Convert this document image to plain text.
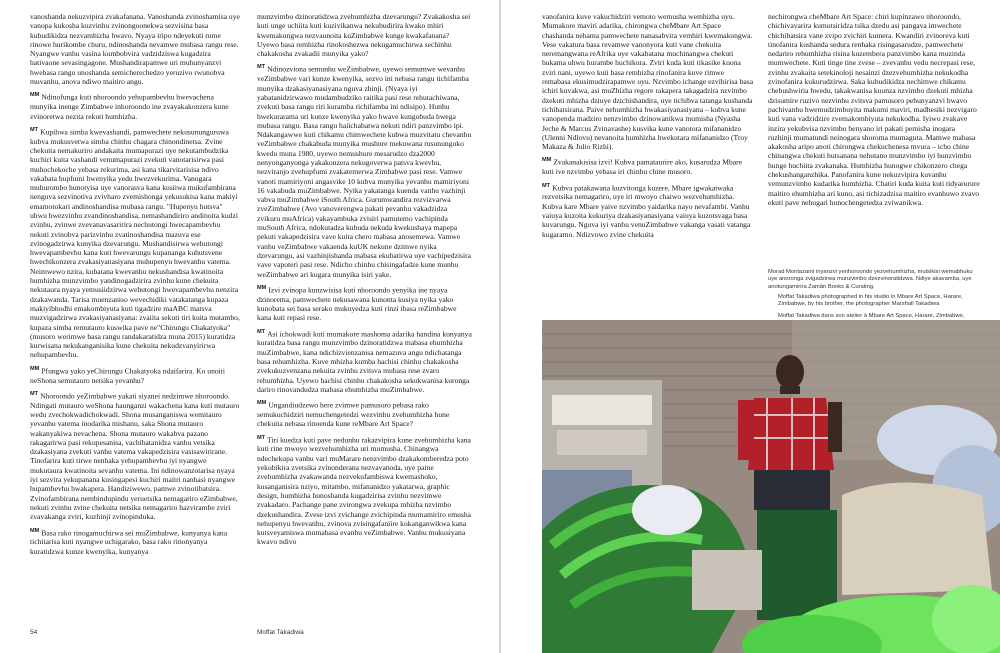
vanoshanda nekuzvipira zvakafanana. Vanoshanda zvinoshamisa uye vanopa kukosha kuzvinhu zvinongoonekwa sezvisina basa kubudikidza nezvamhizha hwavo. Nyaya iripo ndeyekuti rume rinowe hurikombe churu, ndinoshanda nevamwe mubasa rangu rese. Nyangwe vanhu vasina kumbobvira vadzidziswa kugadzira hativaone sevasingagone. Mushandirapamwe uri muhunyanzvi hwebasa rangu unoshanda semicherechedzo yeruzivo rwunobva muvanhu, anova ndiwo maitiro angu.

$^{MM}$ Ndinofunga kuti nhoroondo yehupambevhu hwevachena munyika inenge Zimbabwe inhoroondo ine zvayakakonzera kune zvinoretwa nezita rekuti humhizha.

$^{MT}$ Kupihwa simba kwevashandi, pamwechete nekusununguruwa kubva mukusvetwa simba chinhu chagara chinondinetsa. Zvine chekuita nemakuriro andakaita mumapurazi uye nekutambudzika kuchiri kuita vashandi venumapurazi zvekuti vanotarisirwa pasi muhochekoche yebasa rekurima, asi kana tikarvitarisisa ndivo vakabata hupfumi hwenyika yedu hwezvekurima. Vanogara muhurombo hunotyisa uye vanorasva kana kusiiwa mukufambirana nenguva sezvinotiva zvivharo zvemishonga yekusukisa kana makiyi emamotokari andinoshandisa mubasa rangu. "Hupenyu hutsva" uhwu hwezvinhu zvandinoshandisa, nemashandiriro andinoita kudzi zvinhu, zvinwe zvevanavasaririra nechutongi hwecapambevhu nekuti zvinobva parizvinhu zvatinoshandisa mazuva ese zvinogadzirwa kunyika dzevarungu. Mushandisirwa wehutongi hwevapambevhu kana kuti hwevarungu kupananga kuhutsvene hwechikonzera zvakasiyanasiyana muhupenyu hwevanhu vatema. Neimwewo nzira, kubatana kwevanhu nekushandisa kwatinoita humhizha munzvimbo yandinogadzirira zvinhu kune chekuita nekutaura nyaya yemusiidzirwa wehutongi hwevapambevhu nenzira dzakawanda. Tarisa muenzaniso wevechidiki vatakatanga kupaza makiyibhodhi emakombiyuta kuti tigadzire maABC matsva muzvigadzirwa zvakasiyanasiyana: zvaiita sekuti tiri kuita mutambo, kupaza simba remutauro kuswika pave ne"Chirungu Chakatyoka" (musoro werimwe basa rangu randakaratidza muna 2015) kuratidza kurwisana nekukanganisika kune chekuita nekudzvanyirirwa nehupambevhu.

$^{MM}$ Pfungwa yako yeChirungu Chakatyoka ndaifarira. Ko unoiti neShona semutauro netsika yevanhu?

$^{MT}$ Nhoroondo yeZimbabwe yakati siyanei nedzimwe nhoroondo. Ndingati mutauro weShona haunganzi wakachena kana kuti mutauro wedu zvechokwadichokwadi. Shona musanganiswa wemitauro yevanhu vatema inodarika mishanu, saka Shona mutauro wakanyakiwa nevachena. Shona mutauro wakabva pazano rakagarirwa pasi rekupesanisa, vachibatanidza vanhu vetsika dzakasiyana zvekuti vanhu vatema vakapedzisira vasisawirirane. Tinofarira kuti tirwe nenhaka yehupambevhu iyi nyangwe mukutaura kwatinoita sevanhu vatema. Ini ndinowanzotarisa nyaya iyi sezvira yekupanana kusingapesi kuchiri maitri nanhasi nyangwe hupambevhu hwakapera. Handiziwewo, pamwe zvinotibatsira. Zvinofambirana nembindupindu yeruetsika nemagariro eZimbabwe, nekuti zvinhu zvine chekuita netsika nemagariro hazvirambe zviri zvavakanga zviri, kuzhinji zvinopinduka.

$^{MM}$ Basa rako rinogamuchirwa sei muZimbabwe, kunyanya kana tichitarisa kuti nyangwe uchigarako, basa rako rinonyanya kuratidzwa kunze kwenyika, kunyanya

munzvimbo dzinoratidzwa zvehumhizha dzevarungu? Zvakakosha sei kuti unge uchiita kuti kuzivikanwa nekubudirira kwako mhiri kwemakungwa nezvaunoita kuZimbabwe kunge kwakafanana? Uyewo basa remhizha rinokoshezwa nekugamuchirwa sechinhu chakakosha zvakadii munyika yako?

$^{MT}$ Ndinozviona semunhu weZimbabwe, uyewo semumwe wevanhu veZimbabwe vari kunze kwenyika, sezvo ini nebasa rangu tichifamba munyika dzakasiyanasiyana nguva zhinji. (Nyaya iyi yabatanidzirwawo mudambudziko raitika pasi rese rehutachiwana, zvekuti basa rangu riri kuramba richifamba ini ndisipo). Hunhu hwekurarama uri kunze kwenyika yako hwave kungobuda hwega mubasa rangu. Basa rangu haiichabatwa nekuti ndiri panzvimbo ipi. Ndakangawwe kuti chikamu chimwechete kubwa muzvitatu chevanhu veZimbabwe chakabuda munyika mushure mekuwana rusununguko kwedu muna 1980, uyewo nemushure mesarudzo dza2000 nenyonganyonga yakakonzera nekugoverwa patsva kwevhu, nezviranjo zvehupfumi zvakatemerwa Zimbabwe pasi rese. Vamwe vanoti mamiriyoni angasvike 10 kubva munyika yevanhu mamiriyoni 16 vakabuda muZimbabwe. Nyika yakatanga kuenda vanhu vazhinji vabva muZimbabwe iSouth Africa. Gurumwandira rezvizvarwa zveZimbabwe (Avo vanoverengwa pakati pevanhu vakadzidza zvikuru muAfrica) vakayambuka zvisiri pamutemo vachipinda muSouth Africa, ndokutadza kubuda nekuda kwekushaya mapepa pekuti vakapedzisira vave kuita chero mabasa anosemewa. Vamwe vanhu veZimbabwe vakaenda kuUK nekune dzimwe nyika dzevarungu, asi vazhinjishanda mabasa ekubatirwa uye vachipedzisira vave vapoteri pasi rese. Ndicho chinhu chisingafadze kune munhu weZimbabwe ari kugara munyika isiri yake.

$^{MM}$ Izvi zvinopa kunzwisisa kuti nhoroondo yenyika ine nyaya dzinorema, pamwechete nekusawana kunonta kusiya nyika yako kunobata sei basa serako mukuyedza kuti rinzi ibasa reZimbabwe kana kuti repasi rese.

$^{MT}$ Asi ichokwadi kuti mumakore mashoma adarika handina kunyanya kuratidza basa rangu munzvimbo dzinoratidzwa mabasa ehumhizha muZimbabwe, kana ndichizvienzanisa nemazuva angu ndichatanga basa rehumhizha. Kuve mhizha kumba hachisi chinhu chakakosha zvekukuzvenzana nekuita zvinhu zvitsva mubasa rese zvaro rehumhizha. Uyewo hachisi chinhu chakakosha sekukwanisa kuronga dariro rinovandudza mabasa ehumhizha muZimbabwe.

$^{MM}$ Ungandiudzewo here zvimwe pamusoro pebasa rako semukuchidziri nemuchengetedzi wezvinhu zvehumhizha hune chekuita nebasa rinoenda kune reMbare Art Space?

$^{MT}$ Tiri kuedza kuti pave nedunhu rakazvipira kune zvehumhizha kana kuti rine mwoyo wezvehumhizha uri mumusha. Chinangwa ndechekupa vanhu vari muMarare nenzvimbo dzakakomberedza poto yekubikira zvetsika zvinonderana nezvavanoda, uye paine zvehumhizha zvakawanda nezvekufambiswa kwemashoko, kusanganisira nziyo, mitambo, mifananidzo yakatarwa, graphic design, humhizha hunoshanda kugadzirisa zvinhu nezvimwe zvakadaro. Pachange pane zvirongwa zvekupa mhizha nzvimbo dzekushandira. Zvese izvi zvichange zvichipinda mumamiriro emusha nehupenyu hwevanhu, zvinova zvisingafaniire kukanganwikwa kana kutsveyamiswa mumabasa evanhu veZimbabwe. Vanhu mukusiyana kwavo ndivo

vanofanira kuve vakuchidziri vemoto wemusha wemhizha uyu. Mumakore maviri adarika, chirongwa cheMbare Art Space chashanda nehama pamwechete nanasabvira vemhiri kwemakungwa. Vese vakatura basa revamwe vanonyora kuti vane chekuita neremangwana reAfrika uye vakabatana muchinangwa chekuti hukama uhwu hurambe huchikura. Zviri kuda kuti tikasike kuona zviri nani, uyewo kuti basa remhizha rinofanira kuve rimwe remabasa ekusimudzirapamwe uyu. Nzvimbo ichange ezvibirisa basa ichiri kuvakwa, asi muZhizha regore rakapera takagadzira nzvimbo dzekuti mhizha dziuye dzichishandira, uye tichibva tatanga kushanda tichibatsirana. Paive nehumhizha hwakasiyanasiyana – kubva kune vanopenda madziro nenzvimbo dzinowanikwa mumisha (Nyasha Jeche & Marcus Zvinavashe) kusvika kune vanotora mifananidzo (Ulenni Ndlovu) nevanoita humhizha hwekutara mifananidzo (Troy Makaza & Julio Rizhi).

$^{MM}$ Zvakanakisisa izvi! Kubva pamataurire ako, kusarudza Mbare kuti ive nzvimbo yebasa iri chinhu chine musoro.

$^{MT}$ Kubva patakawana kuzvitonga kuzere, Mbare igwakatwaka rezvetsika nemagariro, uye iri mwoyo chaiwo wezvehumhizha. Kubva kare Mbare yaive nzvimbo yaidarika nayo nevafambi. Vanhu vaiuya kuzoita kukuriya dzakasiyanasiyana vaiuya kuzotsvaga basa kuvarungu. Nguva iyi vanhu venuZimbabwe vakanga vasati vatanga kugaramo. Ndizvowo zvine chekuita

nechirongwa cheMbare Art Space: chiri kupinzawo nhoroondo, chichivavarira kumutsiridza tsika dzedu asi pangava imwechete chichibatsira vane zvipo zvichiri kumera. Kwandiri zvinoreva kuti tinofanira kushanda sedura renhaka risingasarudze, pamwechete nedariro rehumhizha risina kuzembera panzvimbo kana muzinda mumwechete. Kuti tinge tine zvese – zvevanhu vedu necrepasi rese, zvinhu zvakaita setekinoloji nesainzi dzezvehumhizha nekukodha zvinofanira kukurudzirwa. Saka kubudikidza nechimwe chikamu chebushwiria hwedu, takakwanisa kuunza nzvimbo dzekuti mhizha dzisumire ruzivo nezvinhu zvitsva pamusoro pehunyanzvi hwavo pachivanhu hwemudzimbuyita makumi maviri, madhesiki nezvigaro kuti vana vadzidzire zvemakombiyuta nekukodha. Iyiwo zvakave inzira yekubvisa nzvimbo benyano iri pakati pemisha inogara ruzhinji mumatundi neinogara shoroma mumaguta. Mamwe mabasa akakosha aripo anoti chirongwa chekuchenesa mvura – icho chine chinangwa chekuti hutsanana nehutano munzvimbo iyi hunzvimbo hunge huchiita zvakanaka. Humhizha hunogwe chikonzero chega chekushanganzhika. Panofanira kune nekuzvipira kuvanhu vemunzvimbo kudarika humhizha. Chatiri kuda kuita kuti tidyarurure maitiro ehumhizha ari kuno, asi tichizadzisa maitiro evanhuwo zvavo ekuti pave nehugari hunochengetedza zviwanikwa.

54	Moffat Takadiwa
Morad Montazami inyanzvi yenhoroondo yezvehumhizha, mutsikisi wemabhuku uye anoronga zvigadzirwa munzvimbo dzezvinoratidzwa. Ndiye akavamba, uye anotungamirira Zamân Books & Curating.

Moffat Takadiwa photographed in his studio in Mbare Art Space, Harare, Zimbabwe, by his brother, the photographer Marshall Takadiwa

Moffat Takadiwa dans son atelier à Mbare Art Space, Harare, Zimbabwe,
